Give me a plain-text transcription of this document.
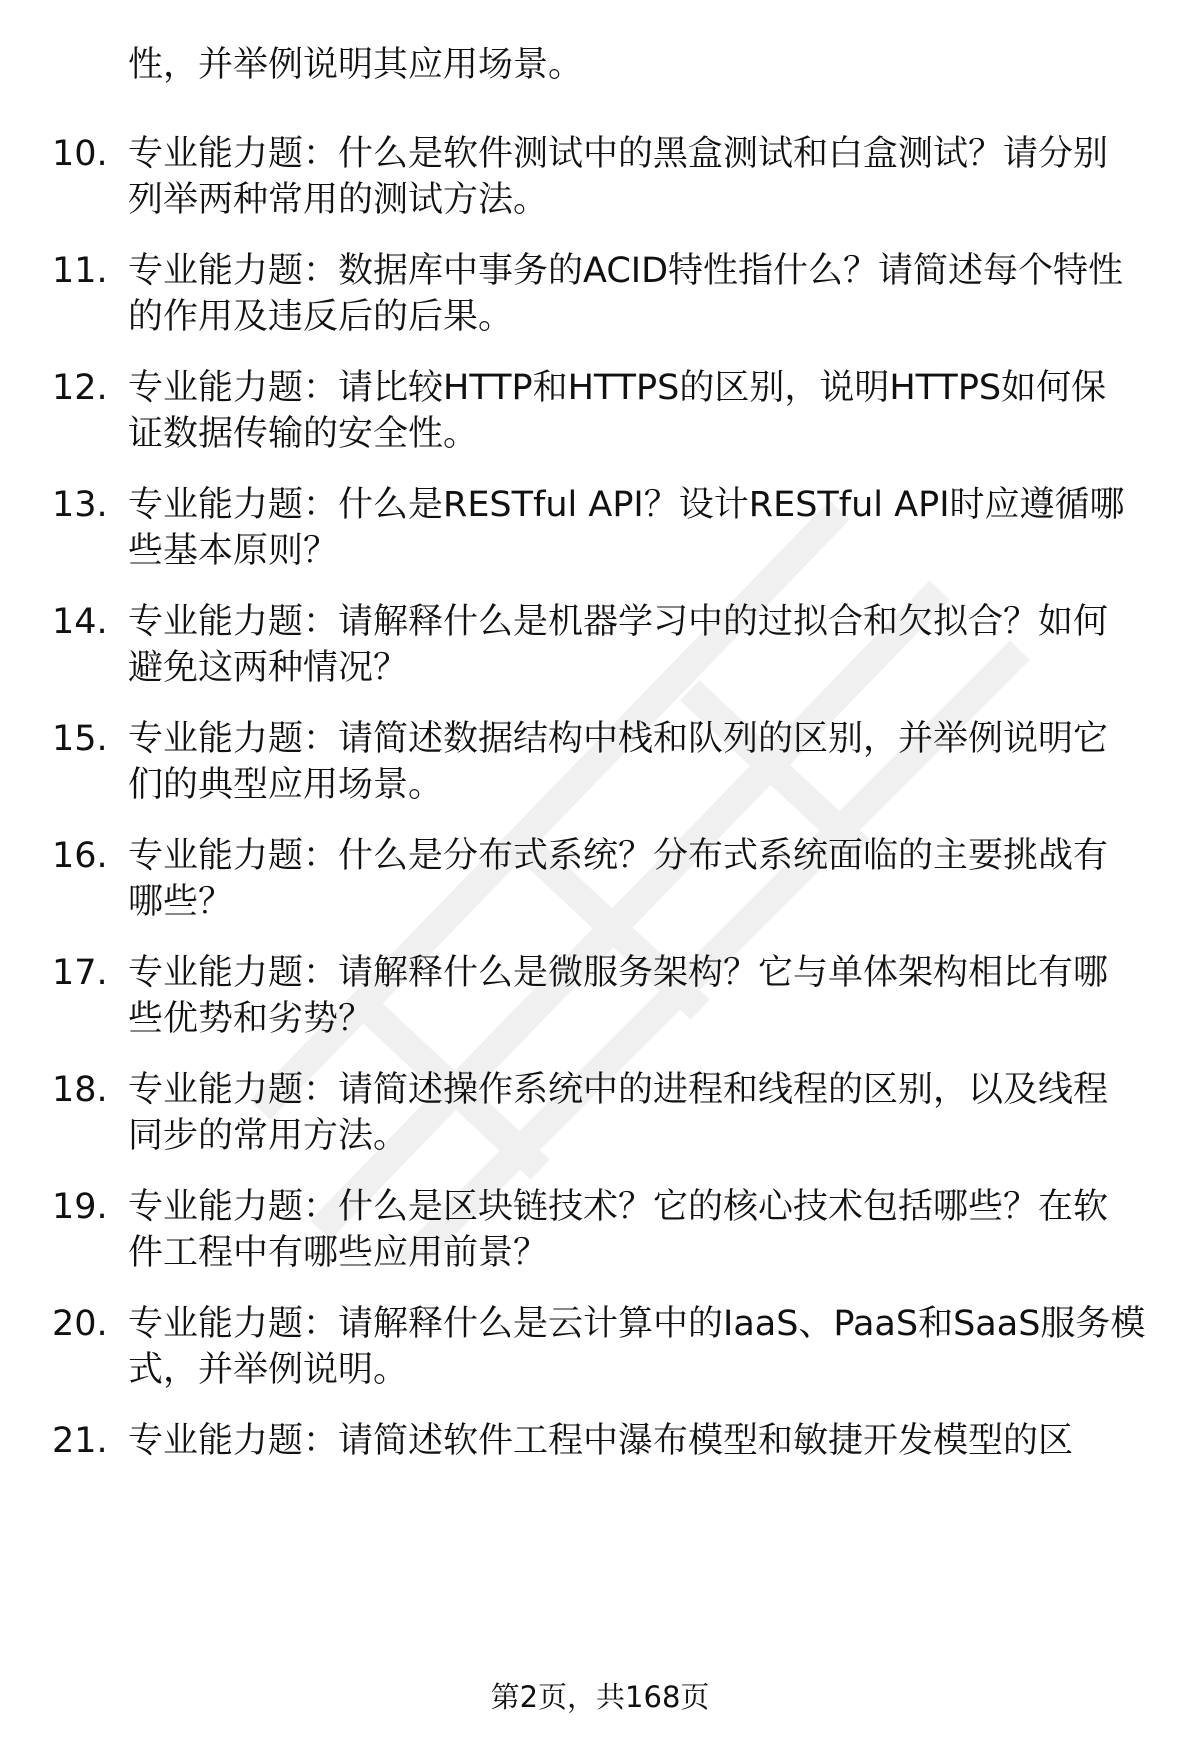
性，并举例说明其应用场景。
10. 专业能力题：什么是软件测试中的黑盒测试和白盒测试？请分别
列举两种常用的测试方法。
11. 专业能力题：数据库中事务的ACID特性指什么？请简述每个特性
的作用及违反后的后果。
12. 专业能力题：请比较HTTP和HTTPS的区别，说明HTTPS如何保
证数据传输的安全性。
13. 专业能力题：什么是RESTful API？设计RESTful API时应遵循哪
些基本原则？
14. 专业能力题：请解释什么是机器学习中的过拟合和欠拟合？如何
避免这两种情况？
15. 专业能力题：请简述数据结构中栈和队列的区别，并举例说明它
们的典型应用场景。
16. 专业能力题：什么是分布式系统？分布式系统面临的主要挑战有
哪些？
17. 专业能力题：请解释什么是微服务架构？它与单体架构相比有哪
些优势和劣势？
18. 专业能力题：请简述操作系统中的进程和线程的区别，以及线程
同步的常用方法。
19. 专业能力题：什么是区块链技术？它的核心技术包括哪些？在软
件工程中有哪些应用前景？
20. 专业能力题：请解释什么是云计算中的IaaS、PaaS和SaaS服务模
式，并举例说明。
21. 专业能力题：请简述软件工程中瀑布模型和敏捷开发模型的区
第2页，共168页
